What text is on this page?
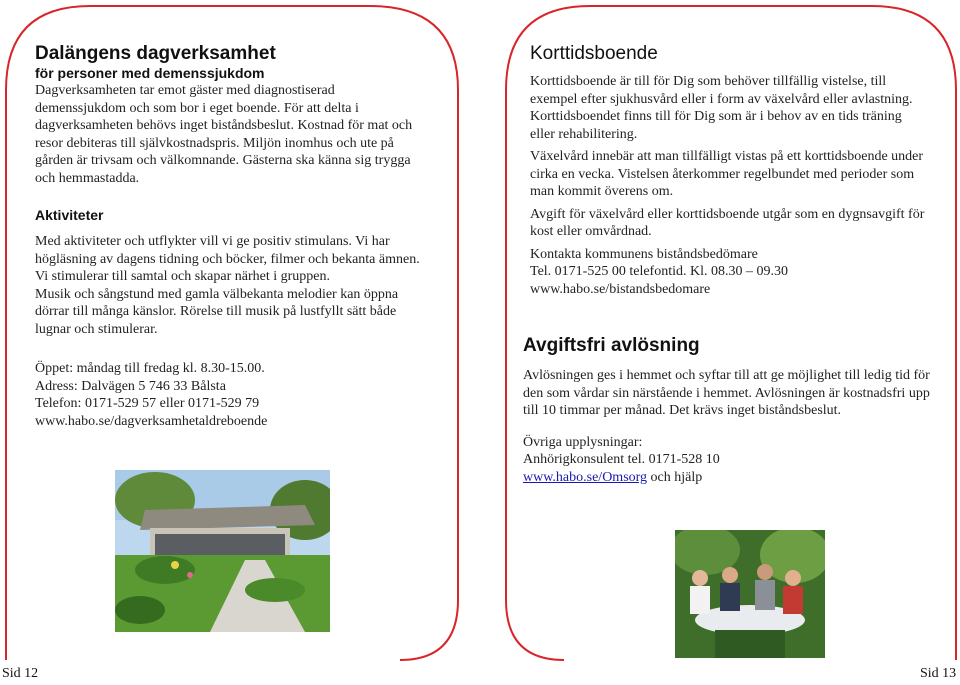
Dalängens dagverksamhet
för personer med demenssjukdom

Dagverksamheten tar emot gäster med diagnostiserad demenssjukdom och som bor i eget boende. För att delta i dagverksamheten behövs inget biståndsbeslut. Kostnad för mat och resor debiteras till självkostnadspris. Miljön inomhus och ute på gården är trivsam och välkomnande. Gästerna ska känna sig trygga och hemmastadda.

Aktiviteter

Med aktiviteter och utflykter vill vi ge positiv stimulans. Vi har högläsning av dagens tidning och böcker, filmer och bekanta ämnen. Vi stimulerar till samtal och skapar närhet i gruppen.

Musik och sångstund med gamla välbekanta melodier kan öppna dörrar till många känslor. Rörelse till musik på lustfyllt sätt både lugnar och stimulerar.

Öppet: måndag till fredag kl. 8.30-15.00.

Adress: Dalvägen 5 746 33 Bålsta

Telefon: 0171-529 57 eller 0171-529 79

www.habo.se/dagverksamhetaldreboende

Korttidsboende

Korttidsboende är till för Dig som behöver tillfällig vistelse, till exempel efter sjukhusvård eller i form av växelvård eller avlastning. Korttidsboendet finns till för Dig som är i behov av en tids träning eller rehabilitering.

Växelvård innebär att man tillfälligt vistas på ett korttidsboende under cirka en vecka. Vistelsen återkommer regelbundet med perioder som man kommit överens om.

Avgift för växelvård eller korttidsboende utgår som en dygnsavgift för kost eller omvårdnad.

Kontakta kommunens biståndsbedömare

Tel. 0171-525 00 telefontid. Kl. 08.30 – 09.30

www.habo.se/bistandsbedomare

Avgiftsfri avlösning

Avlösningen ges i hemmet och syftar till att ge möjlighet till ledig tid för den som vårdar sin närstående i hemmet. Avlösningen är kostnadsfri upp till 10 timmar per månad. Det krävs inget biståndsbeslut.

Övriga upplysningar:

Anhörigkonsulent tel. 0171-528 10

www.habo.se/Omsorg och hjälp

Sid 12	Sid 13
